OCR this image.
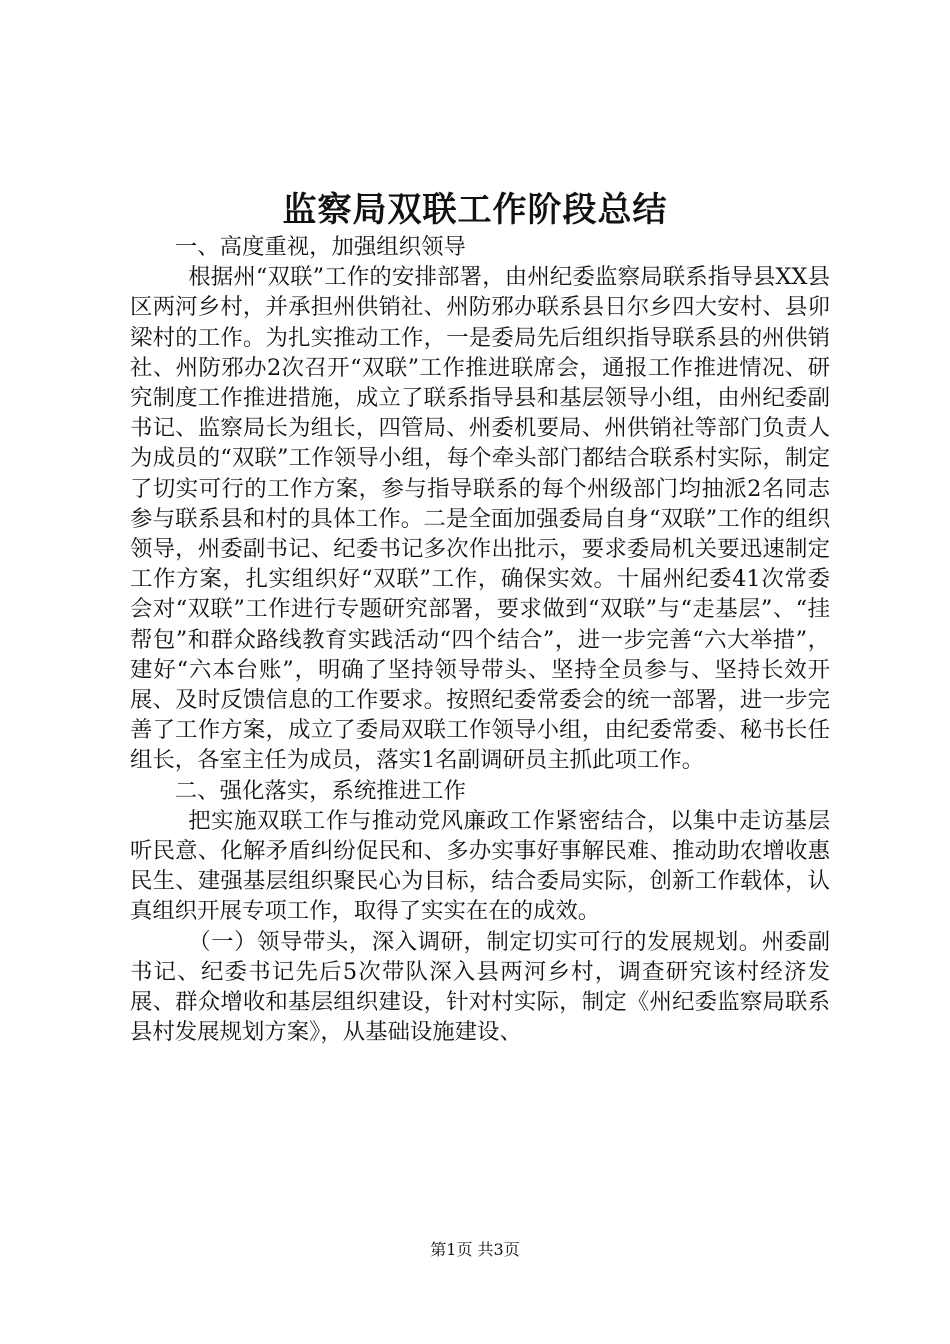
监察局双联工作阶段总结

一、高度重视，加强组织领导

根据州“双联”工作的安排部署，由州纪委监察局联系指导县XX县区两河乡村，并承担州供销社、州防邪办联系县日尔乡四大安村、县卯梁村的工作。为扎实推动工作，一是委局先后组织指导联系县的州供销社、州防邪办2次召开“双联”工作推进联席会，通报工作推进情况、研究制度工作推进措施，成立了联系指导县和基层领导小组，由州纪委副书记、监察局长为组长，四管局、州委机要局、州供销社等部门负责人为成员的“双联”工作领导小组，每个牵头部门都结合联系村实际，制定了切实可行的工作方案，参与指导联系的每个州级部门均抽派2名同志参与联系县和村的具体工作。二是全面加强委局自身“双联”工作的组织领导，州委副书记、纪委书记多次作出批示，要求委局机关要迅速制定工作方案，扎实组织好“双联”工作，确保实效。十届州纪委41次常委会对“双联”工作进行专题研究部署，要求做到“双联”与“走基层”、“挂帮包”和群众路线教育实践活动“四个结合”，进一步完善“六大举措”，建好“六本台账”，明确了坚持领导带头、坚持全员参与、坚持长效开展、及时反馈信息的工作要求。按照纪委常委会的统一部署，进一步完善了工作方案，成立了委局双联工作领导小组，由纪委常委、秘书长任组长，各室主任为成员，落实1名副调研员主抓此项工作。

二、强化落实，系统推进工作

把实施双联工作与推动党风廉政工作紧密结合，以集中走访基层听民意、化解矛盾纠纷促民和、多办实事好事解民难、推动助农增收惠民生、建强基层组织聚民心为目标，结合委局实际，创新工作载体，认真组织开展专项工作，取得了实实在在的成效。

（一）领导带头，深入调研，制定切实可行的发展规划。州委副书记、纪委书记先后5次带队深入县两河乡村，调查研究该村经济发展、群众增收和基层组织建设，针对村实际，制定《州纪委监察局联系县村发展规划方案》，从基础设施建设、

第1页 共3页
